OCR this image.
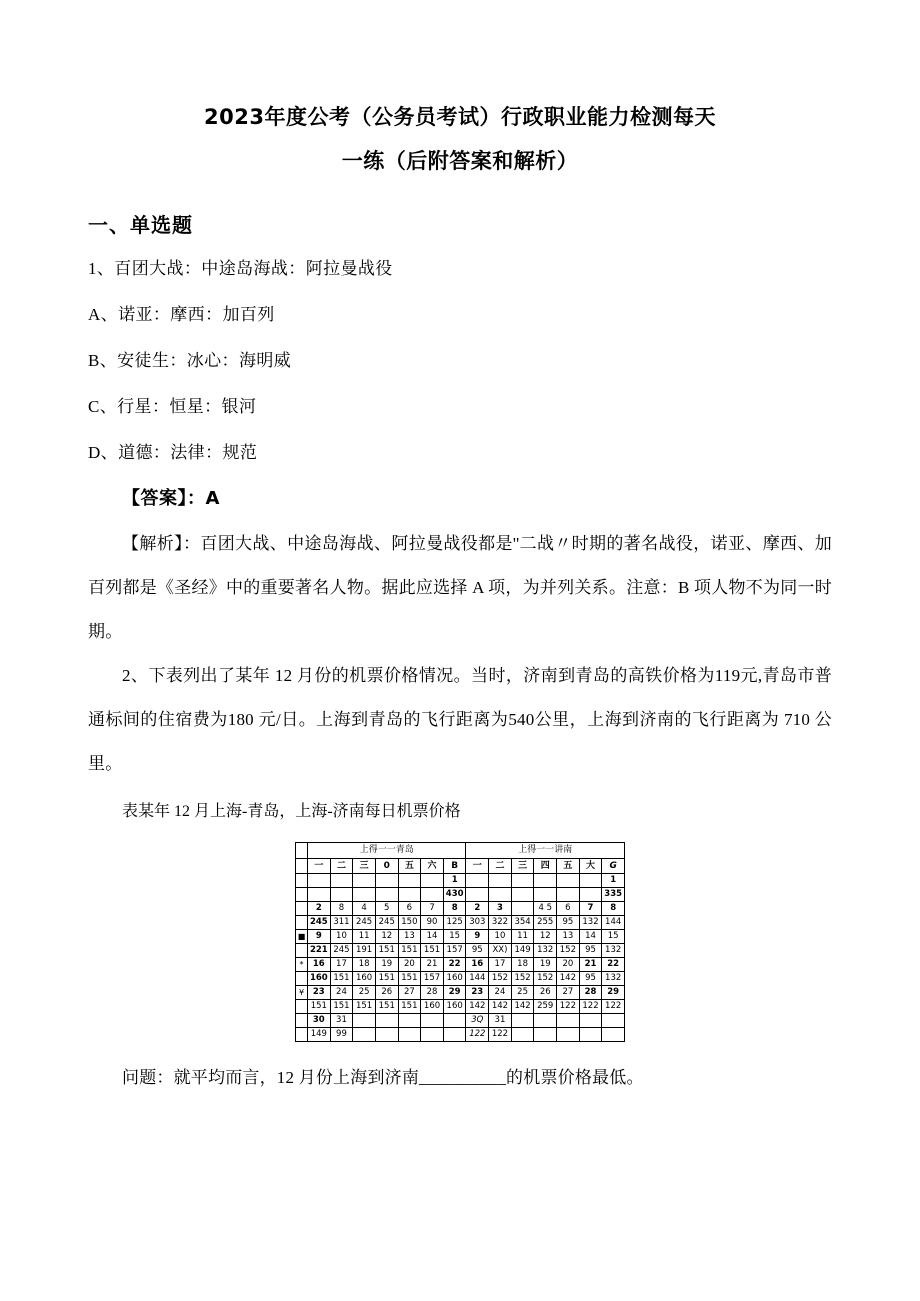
2023年度公考（公务员考试）行政职业能力检测每天
一练（后附答案和解析）
一、单选题
1、百团大战：中途岛海战：阿拉曼战役
A、诺亚：摩西：加百列
B、安徒生：冰心：海明威
C、行星：恒星：银河
D、道德：法律：规范
【答案】：A
【解析】：百团大战、中途岛海战、阿拉曼战役都是''二战〃时期的著名战役，诺亚、摩西、加百列都是《圣经》中的重要著名人物。据此应选择 A 项，为并列关系。注意：B 项人物不为同一时期。
2、下表列出了某年 12 月份的机票价格情况。当时，济南到青岛的高铁价格为119元,青岛市普通标间的住宿费为180 元/日。上海到青岛的飞行距离为540公里，上海到济南的飞行距离为 710 公里。
表某年 12 月上海-青岛，上海-济南每日机票价格
	上得一一青岛							上得一一讲南						
	一	二	三	0	五	六	B	一	二	三	四	五	大	G
							1							1
							430							335
	2	8	4	5	6	7	8	2	3		4 5	6	7	8
	245	311	245	245	150	90	125	303	322	354	255	95	132	144
■	9	10	11	12	13	14	15	9	10	11	12	13	14	15
	221	245	191	151	151	151	157	95	XX)	149	132	152	95	132
*	16	17	18	19	20	21	22	16	17	18	19	20	21	22
	160	151	160	151	151	157	160	144	152	152	152	142	95	132
¥	23	24	25	26	27	28	29	23	24	25	26	27	28	29
	151	151	151	151	151	160	160	142	142	142	259	122	122	122
	30	31						3Q	31					
	149	99						122	122					
问题：就平均而言，12 月份上海到济南__________的机票价格最低。
